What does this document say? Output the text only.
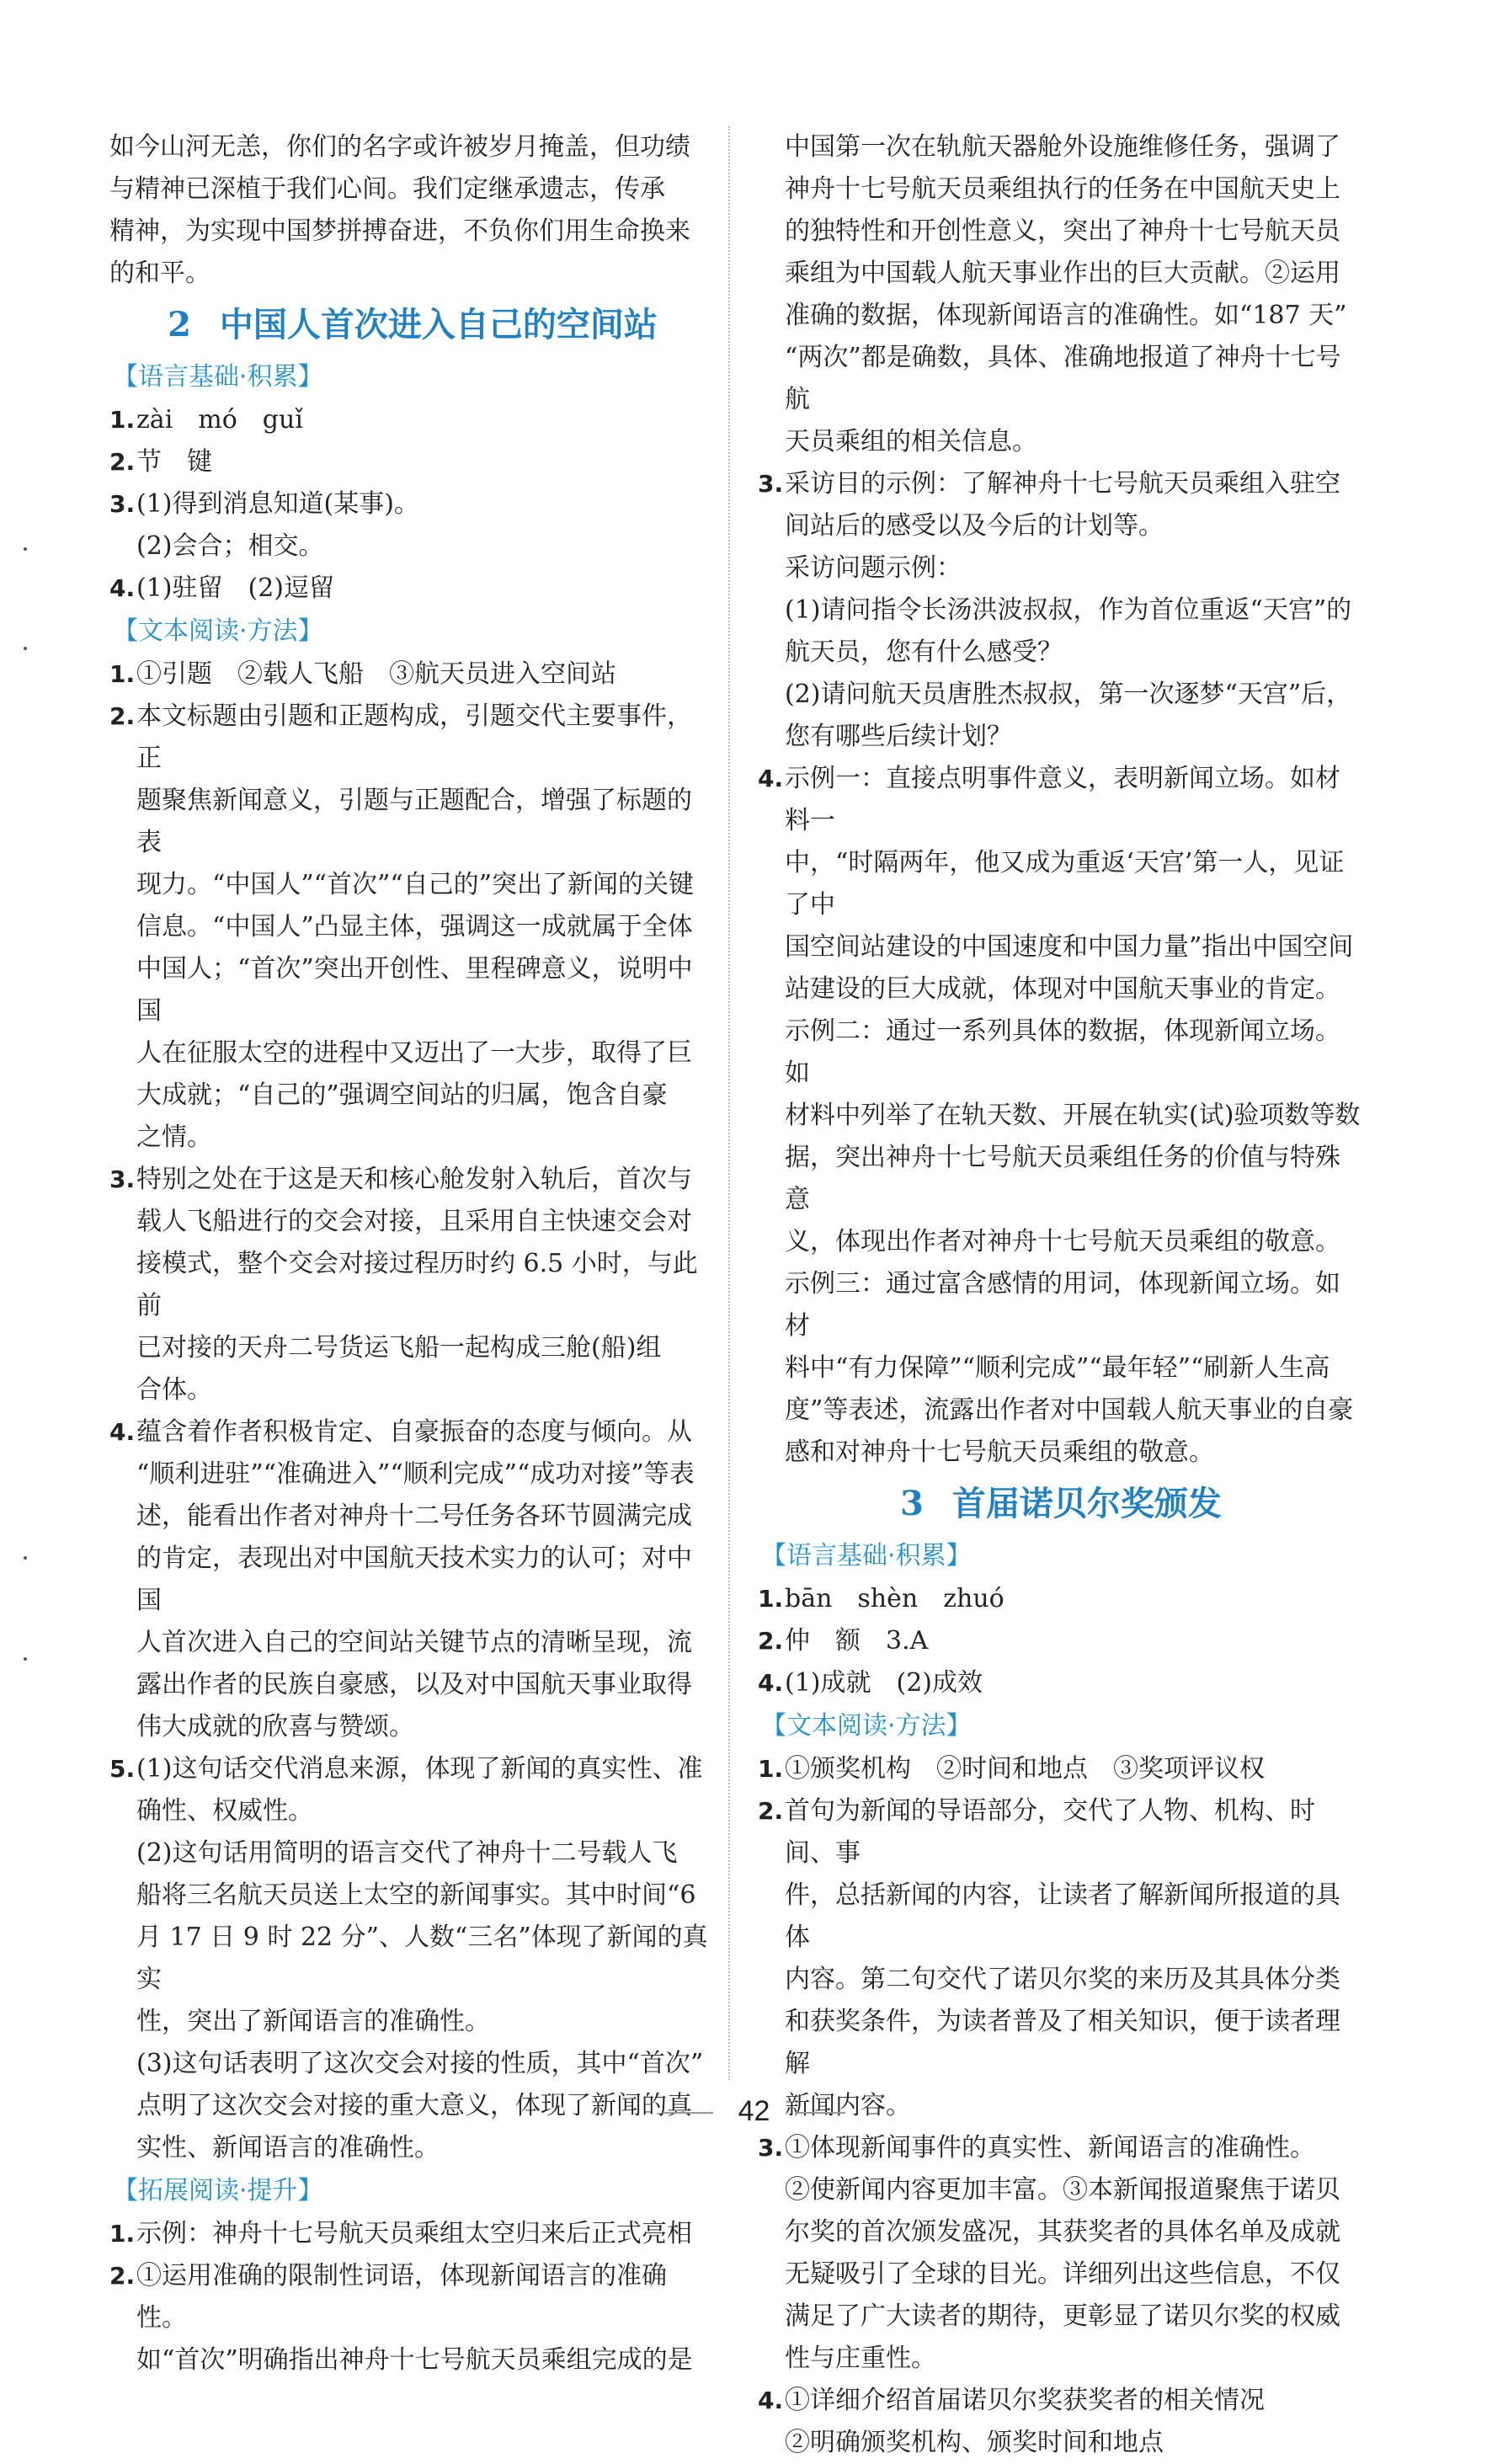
如今山河无恙，你们的名字或许被岁月掩盖，但功绩

与精神已深植于我们心间。我们定继承遗志，传承

精神，为实现中国梦拼搏奋进，不负你们用生命换来

的和平。

2 中国人首次进入自己的空间站
【语言基础·积累】
1. zài　mó　guǐ

2. 节　键

3. (1)得到消息知道(某事)。

(2)会合；相交。

4. (1)驻留　(2)逗留

【文本阅读·方法】
1. ①引题　②载人飞船　③航天员进入空间站

2. 本文标题由引题和正题构成，引题交代主要事件，正

题聚焦新闻意义，引题与正题配合，增强了标题的表

现力。“中国人”“首次”“自己的”突出了新闻的关键

信息。“中国人”凸显主体，强调这一成就属于全体

中国人；“首次”突出开创性、里程碑意义，说明中国

人在征服太空的进程中又迈出了一大步，取得了巨

大成就；“自己的”强调空间站的归属，饱含自豪

之情。

3. 特别之处在于这是天和核心舱发射入轨后，首次与

载人飞船进行的交会对接，且采用自主快速交会对

接模式，整个交会对接过程历时约 6.5 小时，与此前

已对接的天舟二号货运飞船一起构成三舱(船)组

合体。

4. 蕴含着作者积极肯定、自豪振奋的态度与倾向。从

“顺利进驻”“准确进入”“顺利完成”“成功对接”等表

述，能看出作者对神舟十二号任务各环节圆满完成

的肯定，表现出对中国航天技术实力的认可；对中国

人首次进入自己的空间站关键节点的清晰呈现，流

露出作者的民族自豪感，以及对中国航天事业取得

伟大成就的欣喜与赞颂。

5. (1)这句话交代消息来源，体现了新闻的真实性、准

确性、权威性。

(2)这句话用简明的语言交代了神舟十二号载人飞

船将三名航天员送上太空的新闻事实。其中时间“6

月 17 日 9 时 22 分”、人数“三名”体现了新闻的真实

性，突出了新闻语言的准确性。

(3)这句话表明了这次交会对接的性质，其中“首次”

点明了这次交会对接的重大意义，体现了新闻的真

实性、新闻语言的准确性。

【拓展阅读·提升】
1. 示例：神舟十七号航天员乘组太空归来后正式亮相

2. ①运用准确的限制性词语，体现新闻语言的准确性。

如“首次”明确指出神舟十七号航天员乘组完成的是

中国第一次在轨航天器舱外设施维修任务，强调了

神舟十七号航天员乘组执行的任务在中国航天史上

的独特性和开创性意义，突出了神舟十七号航天员

乘组为中国载人航天事业作出的巨大贡献。②运用

准确的数据，体现新闻语言的准确性。如“187 天”

“两次”都是确数，具体、准确地报道了神舟十七号航

天员乘组的相关信息。

3. 采访目的示例：了解神舟十七号航天员乘组入驻空

间站后的感受以及今后的计划等。

采访问题示例：

(1)请问指令长汤洪波叔叔，作为首位重返“天宫”的

航天员，您有什么感受？

(2)请问航天员唐胜杰叔叔，第一次逐梦“天宫”后，

您有哪些后续计划？

4. 示例一：直接点明事件意义，表明新闻立场。如材料一

中，“时隔两年，他又成为重返‘天宫’第一人，见证了中

国空间站建设的中国速度和中国力量”指出中国空间

站建设的巨大成就，体现对中国航天事业的肯定。

示例二：通过一系列具体的数据，体现新闻立场。如

材料中列举了在轨天数、开展在轨实(试)验项数等数

据，突出神舟十七号航天员乘组任务的价值与特殊意

义，体现出作者对神舟十七号航天员乘组的敬意。

示例三：通过富含感情的用词，体现新闻立场。如材

料中“有力保障”“顺利完成”“最年轻”“刷新人生高

度”等表述，流露出作者对中国载人航天事业的自豪

感和对神舟十七号航天员乘组的敬意。

3 首届诺贝尔奖颁发
【语言基础·积累】
1. bān　shèn　zhuó

2. 仲　额　3.A

4. (1)成就　(2)成效

【文本阅读·方法】
1. ①颁奖机构　②时间和地点　③奖项评议权

2. 首句为新闻的导语部分，交代了人物、机构、时间、事

件，总括新闻的内容，让读者了解新闻所报道的具体

内容。第二句交代了诺贝尔奖的来历及其具体分类

和获奖条件，为读者普及了相关知识，便于读者理解

新闻内容。

3. ①体现新闻事件的真实性、新闻语言的准确性。

②使新闻内容更加丰富。③本新闻报道聚焦于诺贝

尔奖的首次颁发盛况，其获奖者的具体名单及成就

无疑吸引了全球的目光。详细列出这些信息，不仅

满足了广大读者的期待，更彰显了诺贝尔奖的权威

性与庄重性。

4. ①详细介绍首届诺贝尔奖获奖者的相关情况

②明确颁奖机构、颁奖时间和地点

42
